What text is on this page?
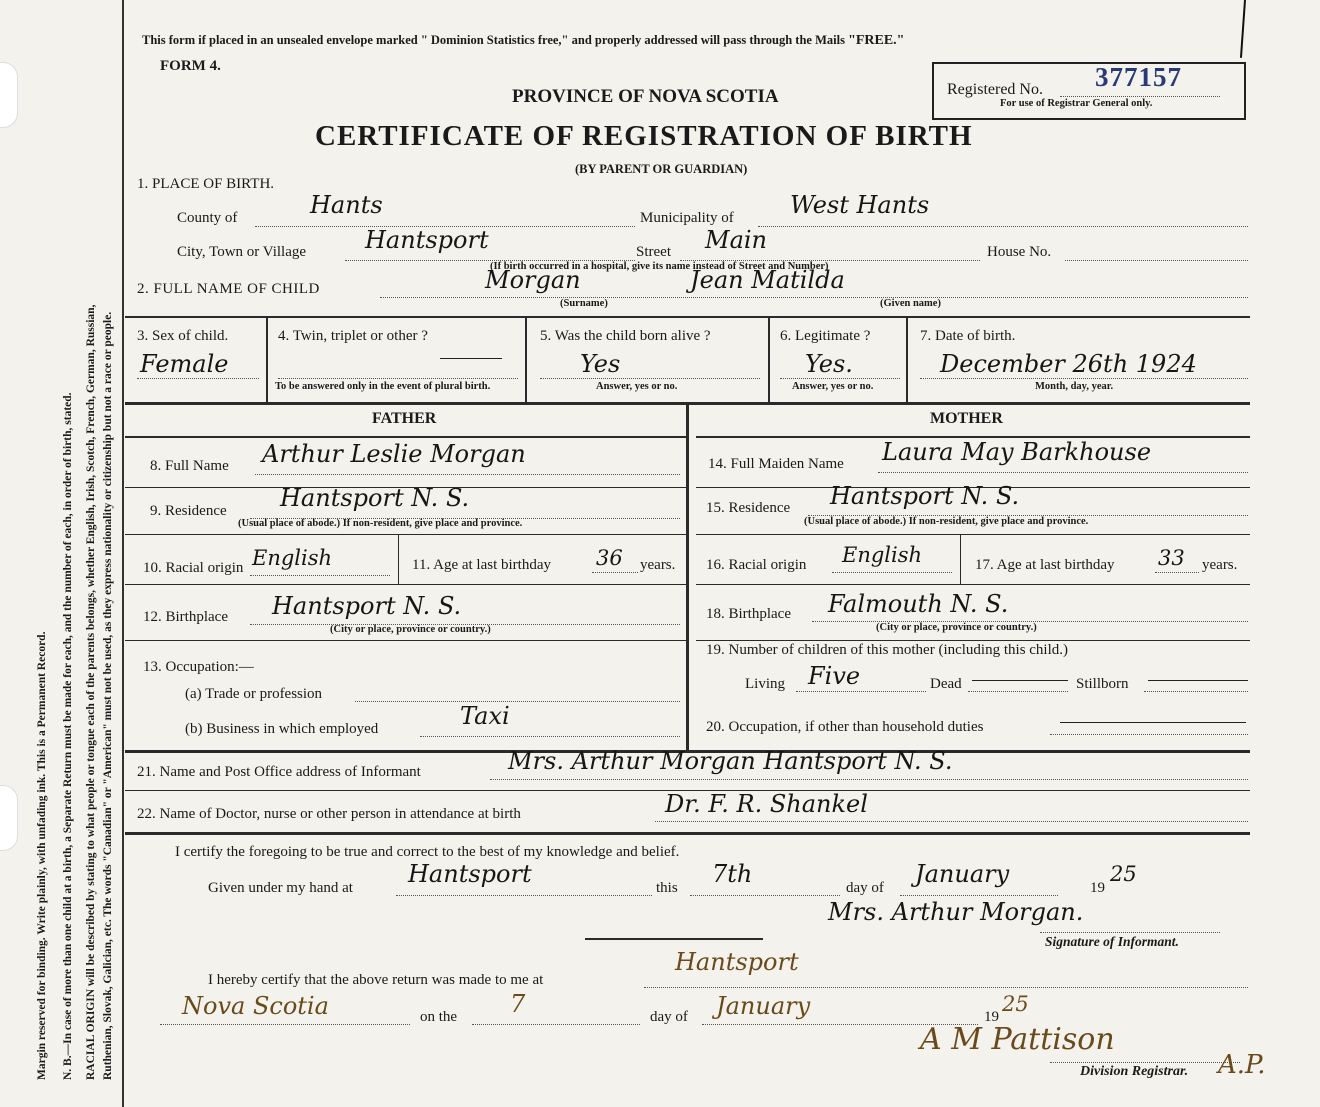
Margin reserved for binding. Write plainly, with unfading ink. This is a Permanent Record. N. B.—In case of more than one child at a birth, a Separate Return must be made for each, and the number of each, in order of birth, stated. RACIAL ORIGIN will be described by stating to what people or tongue each of the parents belongs, whether English, Irish, Scotch, French, German, Russian, Ruthenian, Slovak, Galician, etc. The words "Canadian" or "American" must not be used, as they express nationality or citizenship but not a race or people.
This form if placed in an unsealed envelope marked " Dominion Statistics free," and properly addressed will pass through the Mails "FREE."
FORM 4.
PROVINCE OF NOVA SCOTIA
CERTIFICATE OF REGISTRATION OF BIRTH
(BY PARENT OR GUARDIAN)
Registered No. 377157
For use of Registrar General only.
1. PLACE OF BIRTH.
County of	Hants	Municipality of West Hants
City, Town or Village Hantsport	Street Main	House No.
(If birth occurred in a hospital, give its name instead of Street and Number)
2. FULL NAME OF CHILD	Morgan	Jean Matilda
(Surname)	(Given name)
3. Sex of child.
Female
4. Twin, triplet or other ?
To be answered only in the event of plural birth.
5. Was the child born alive ?
Yes
Answer, yes or no.
6. Legitimate ?
Yes.
Answer, yes or no.
7. Date of birth.
December 26th 1924
Month, day, year.
FATHER	MOTHER
8. Full Name Arthur Leslie Morgan
9. Residence Hantsport N. S.
(Usual place of abode.) If non-resident, give place and province.
10. Racial origin English	11. Age at last birthday 36 years.
12. Birthplace Hantsport N. S.
(City or place, province or country.)
13. Occupation:—
(a) Trade or profession
(b) Business in which employed	Taxi
14. Full Maiden Name Laura May Barkhouse
15. Residence Hantsport N. S.
(Usual place of abode.) If non-resident, give place and province.
16. Racial origin English	17. Age at last birthday 33 years.
18. Birthplace Falmouth N. S.
(City or place, province or country.)
19. Number of children of this mother (including this child.)
Living Five	Dead	Stillborn
20. Occupation, if other than household duties
21. Name and Post Office address of Informant	Mrs. Arthur Morgan Hantsport N. S.
22. Name of Doctor, nurse or other person in attendance at birth	Dr. F. R. Shankel
I certify the foregoing to be true and correct to the best of my knowledge and belief.
Given under my hand at Hantsport	this 7th	day of January	19
25
Mrs. Arthur Morgan.
Signature of Informant.
I hereby certify that the above return was made to me at
Hantsport
Nova Scotia	on the 7	day of January	19
25
A M Pattison
Division Registrar. A.P.
